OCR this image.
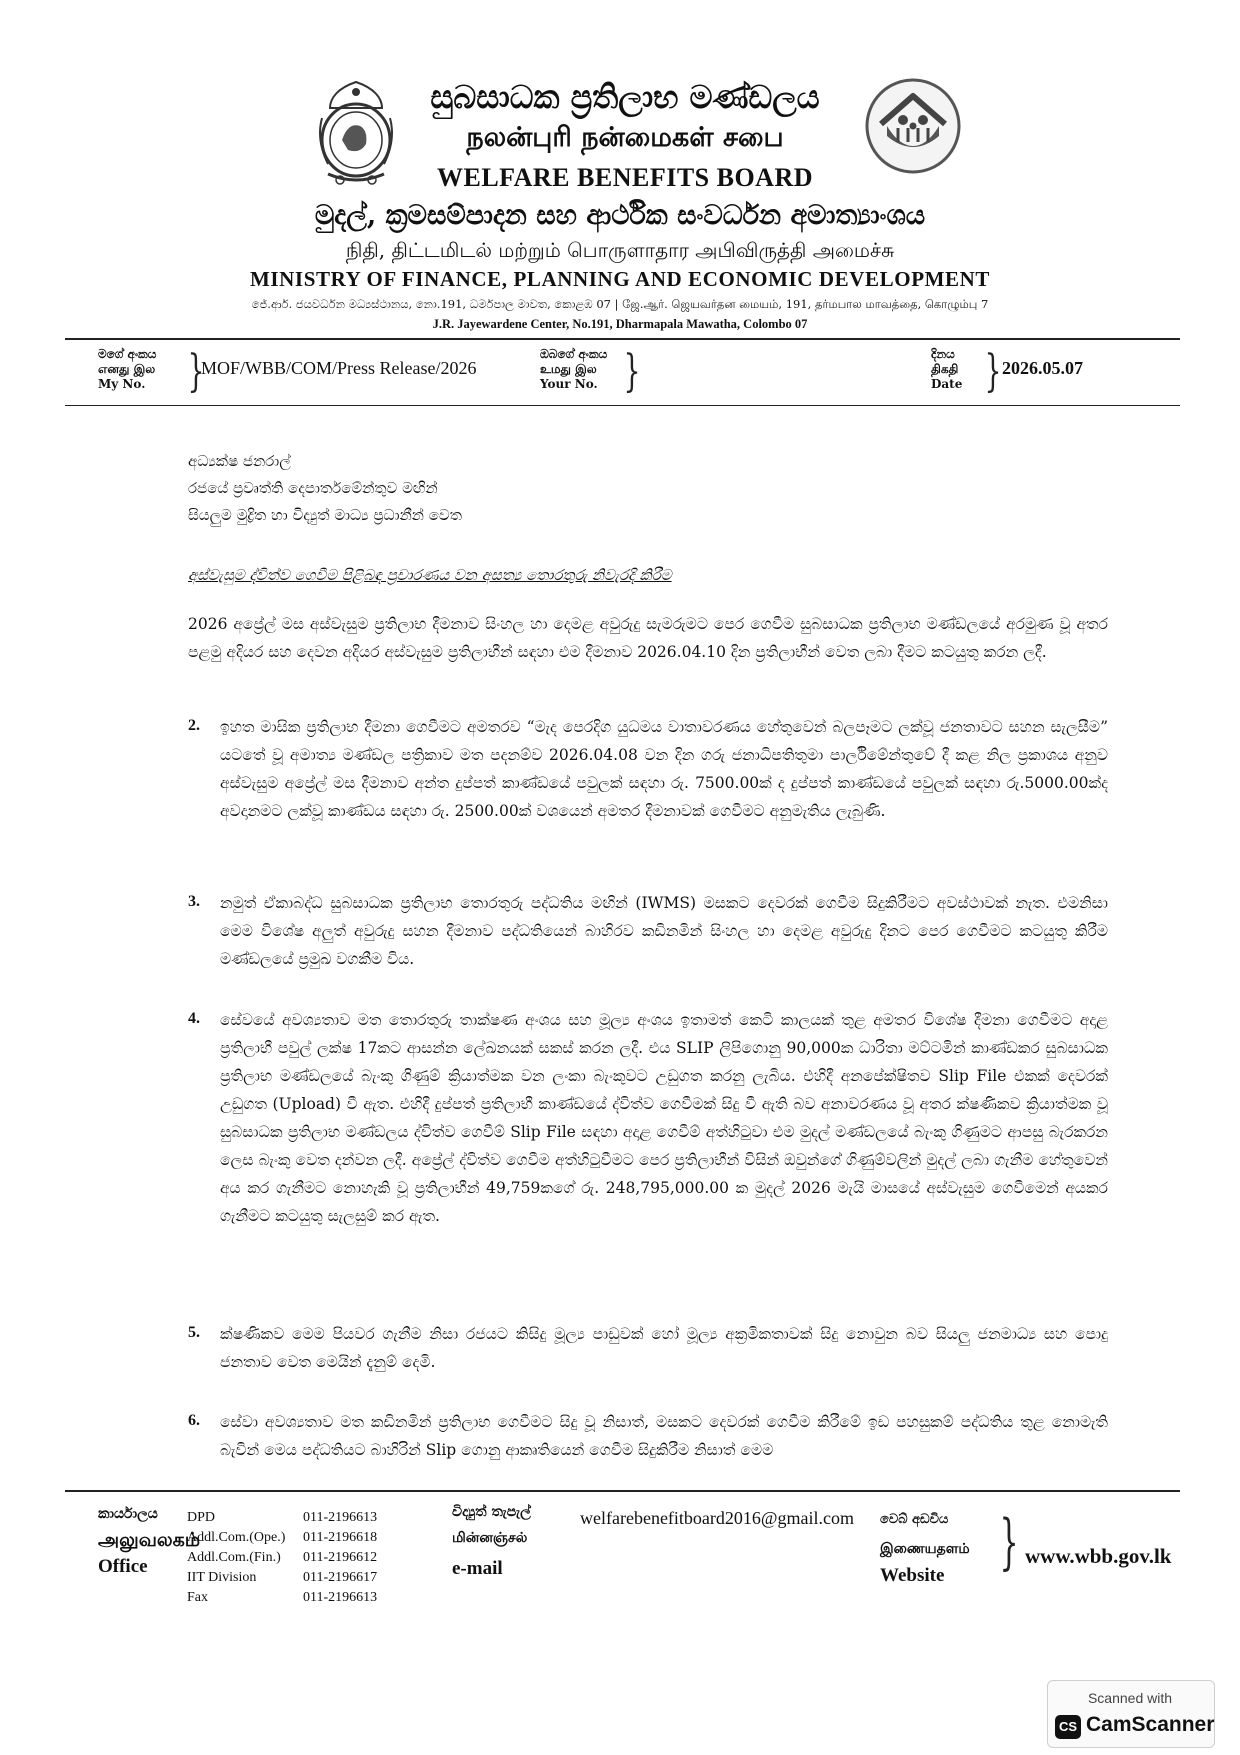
සුබසාධක ප්‍රතිලාභ මණ්ඩලය
நலன்புரி நன்மைகள் சபை
WELFARE BENEFITS BOARD
මුදල්, ක්‍රමසම්පාදන සහ ආර්ථික සංවර්ධන අමාත්‍යාංශය
நிதி, திட்டமிடல் மற்றும் பொருளாதார அபிவிருத்தி அமைச்சு
MINISTRY OF FINANCE, PLANNING AND ECONOMIC DEVELOPMENT
ජේ.ආර්. ජයවර්ධන මධ්‍යස්ථානය, නො.191, ධර්මපාල මාවත, කොළඹ 07 | ஜே.ஆர். ஜெயவர்தன மையம், 191, தர்மபால மாவத்தை, கொழும்பு 7
J.R. Jayewardene Center, No.191, Dharmapala Mawatha, Colombo 07
මගේ අංකය
எனது இல
My No. }
MOF/WBB/COM/Press Release/2026
ඔබගේ අංකය
உமது இல
Your No. }	දිනය
திகதி
Date } 2026.05.07
අධ්‍යක්ෂ ජනරාල්
රජයේ ප්‍රවෘත්ති දෙපාර්තමේන්තුව මඟින්
සියලුම මුද්‍රිත හා විද්‍යුත් මාධ්‍ය ප්‍රධානීන් වෙත
අස්වැසුම ද්විත්ව ගෙවීම පිළිබඳ ප්‍රචාරණය වන අසත්‍ය තොරතුරු නිවැරදි කිරීම
2026 අප්‍රේල් මස අස්වැසුම ප්‍රතිලාභ දීමනාව සිංහල හා දෙමළ අවුරුදු සැමරුමට පෙර ගෙවීම සුබසාධක ප්‍රතිලාභ මණ්ඩලයේ අරමුණ වූ අතර පළමු අදියර සහ දෙවන අදියර අස්වැසුම ප්‍රතිලාභීන් සඳහා එම දීමනාව 2026.04.10 දින ප්‍රතිලාභීන් වෙත ලබා දීමට කටයුතු කරන ලදී.
2. ඉහත මාසික ප්‍රතිලාභ දීමනා ගෙවීමට අමතරව “මැද පෙරදිග යුධමය වාතාවරණය හේතුවෙන් බලපෑමට ලක්වූ ජනතාවට සහන සැලසීම” යටතේ වූ අමාත්‍ය මණ්ඩල පත්‍රිකාව මත පදනම්ව 2026.04.08 වන දින ගරු ජනාධිපතිතුමා පාර්ලිමේන්තුවේ දී කළ නිල ප්‍රකාශය අනුව අස්වැසුම අප්‍රේල් මස දීමනාව අන්ත දුප්පත් කාණ්ඩයේ පවුලක් සඳහා රු. 7500.00ක් ද දුප්පත් කාණ්ඩයේ පවුලක් සඳහා රු.5000.00ක්ද අවදානමට ලක්වූ කාණ්ඩය සඳහා රු. 2500.00ක් වශයෙන් අමතර දීමනාවක් ගෙවීමට අනුමැතිය ලැබුණි.
3. නමුත් ඒකාබද්ධ සුබසාධක ප්‍රතිලාභ තොරතුරු පද්ධතිය මඟින් (IWMS) මසකට දෙවරක් ගෙවීම සිදුකිරීමට අවස්ථාවක් නැත. එමනිසා මෙම විශේෂ අලුත් අවුරුදු සහන දීමනාව පද්ධතියෙන් බාහිරව කඩිනමින් සිංහල හා දෙමළ අවුරුදු දිනට පෙර ගෙවීමට කටයුතු කිරීම මණ්ඩලයේ ප්‍රමුඛ වගකීම විය.
4. සේවයේ අවශ්‍යතාව මත තොරතුරු තාක්ෂණ අංශය සහ මූල්‍ය අංශය ඉතාමත් කෙටි කාලයක් තුළ අමතර විශේෂ දීමනා ගෙවීමට අදාළ ප්‍රතිලාභී පවුල් ලක්ෂ 17කට ආසන්න ලේඛනයක් සකස් කරන ලදී. එය SLIP ලිපිගොනු 90,000ක ධාරිතා මට්ටමින් කාණ්ඩකර සුබසාධක ප්‍රතිලාභ මණ්ඩලයේ බැංකු ගිණුම් ක්‍රියාත්මක වන ලංකා බැංකුවට උඩුගත කරනු ලැබිය. එහිදී අනපේක්ෂිතව Slip File එකක් දෙවරක් උඩුගත (Upload) වී ඇත. එහිදී දුප්පත් ප්‍රතිලාභී කාණ්ඩයේ ද්විත්ව ගෙවීමක් සිදු වී ඇති බව අනාවරණය වූ අතර ක්ෂණිකව ක්‍රියාත්මක වූ සුබසාධක ප්‍රතිලාභ මණ්ඩලය ද්විත්ව ගෙවීම් Slip File සඳහා අදාළ ගෙවීම් අත්හිටුවා එම මුදල් මණ්ඩලයේ බැංකු ගිණුමට ආපසු බැරකරන ලෙස බැංකු වෙත දන්වන ලදී. අප්‍රේල් ද්විත්ව ගෙවීම අත්හිටුවීමට පෙර ප්‍රතිලාභීන් විසින් ඔවුන්ගේ ගිණුම්වලින් මුදල් ලබා ගැනීම හේතුවෙන් අය කර ගැනීමට නොහැකි වූ ප්‍රතිලාභීන් 49,759කගේ රු. 248,795,000.00 ක මුදල් 2026 මැයි මාසයේ අස්වැසුම ගෙවීමෙන් අයකර ගැනීමට කටයුතු සැලසුම් කර ඇත.
5. ක්ෂණිකව මෙම පියවර ගැනීම නිසා රජයට කිසිදු මූල්‍ය පාඩුවක් හෝ මූල්‍ය අක්‍රමිකතාවක් සිදු නොවුන බව සියලු ජනමාධ්‍ය සහ පොදු ජනතාව වෙත මෙයින් දැනුම් දෙමි.
6. සේවා අවශ්‍යතාව මත කඩිනමින් ප්‍රතිලාභ ගෙවීමට සිදු වූ නිසාත්, මසකට දෙවරක් ගෙවීම කිරීමේ ඉඩ පහසුකම් පද්ධතිය තුළ නොමැති බැවින් මෙය පද්ධතියට බාහිරින් Slip ගොනු ආකෘතියෙන් ගෙවීම සිදුකිරීම නිසාත් මෙම
කාර්යාලය
அலுவலகம்
Office
DPD
Addl.Com.(Ope.)
Addl.Com.(Fin.)
IIT Division
Fax
011-2196613
011-2196618
011-2196612
011-2196617
011-2196613
විද්‍යුත් තැපැල්
மின்னஞ்சல்
e-mail
welfarebenefitboard2016@gmail.com වෙබ් අඩවිය
இணையதளம்
Website } www.wbb.gov.lk
Scanned with
CS CamScanner
